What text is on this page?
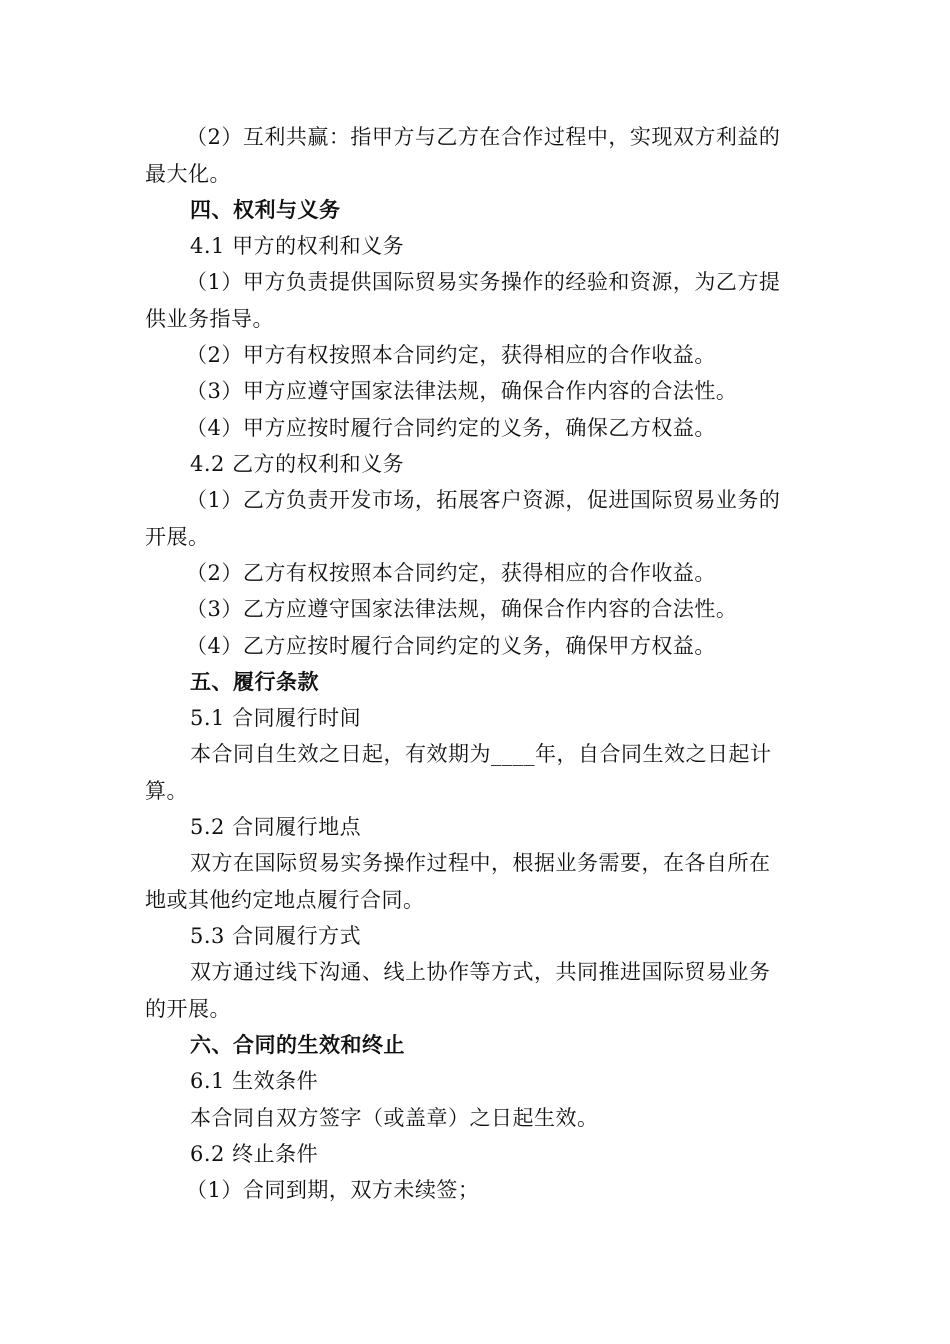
（2）互利共赢：指甲方与乙方在合作过程中，实现双方利益的
最大化。
四、权利与义务
4.1 甲方的权利和义务
（1）甲方负责提供国际贸易实务操作的经验和资源，为乙方提
供业务指导。
（2）甲方有权按照本合同约定，获得相应的合作收益。
（3）甲方应遵守国家法律法规，确保合作内容的合法性。
（4）甲方应按时履行合同约定的义务，确保乙方权益。
4.2 乙方的权利和义务
（1）乙方负责开发市场，拓展客户资源，促进国际贸易业务的
开展。
（2）乙方有权按照本合同约定，获得相应的合作收益。
（3）乙方应遵守国家法律法规，确保合作内容的合法性。
（4）乙方应按时履行合同约定的义务，确保甲方权益。
五、履行条款
5.1 合同履行时间
本合同自生效之日起，有效期为____年，自合同生效之日起计
算。
5.2 合同履行地点
双方在国际贸易实务操作过程中，根据业务需要，在各自所在
地或其他约定地点履行合同。
5.3 合同履行方式
双方通过线下沟通、线上协作等方式，共同推进国际贸易业务
的开展。
六、合同的生效和终止
6.1 生效条件
本合同自双方签字（或盖章）之日起生效。
6.2 终止条件
（1）合同到期，双方未续签；
